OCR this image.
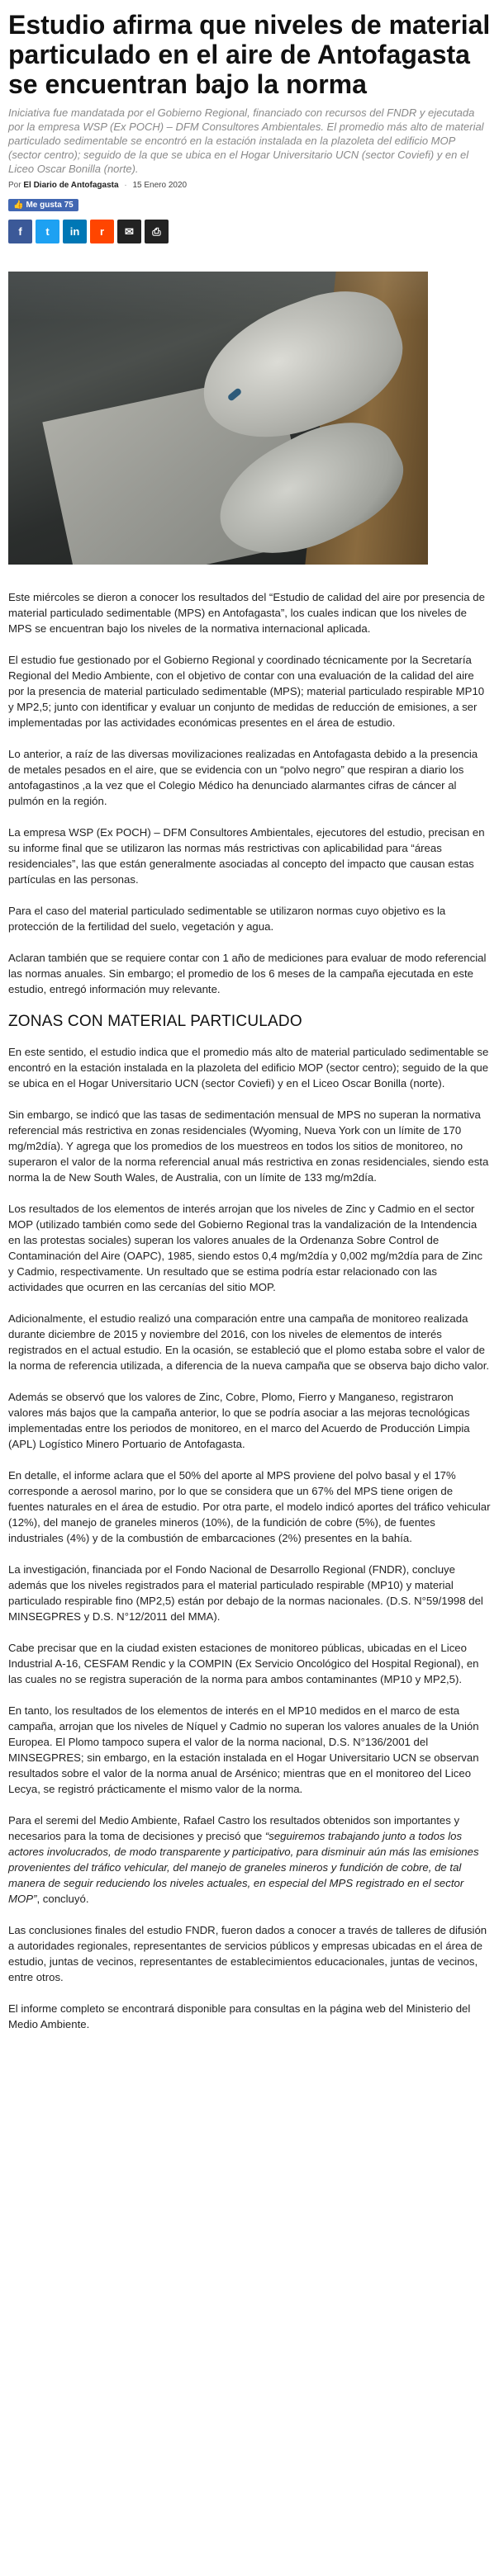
Estudio afirma que niveles de material particulado en el aire de Antofagasta se encuentran bajo la norma

Iniciativa fue mandatada por el Gobierno Regional, financiado con recursos del FNDR y ejecutada por la empresa WSP (Ex POCH) – DFM Consultores Ambientales. El promedio más alto de material particulado sedimentable se encontró en la estación instalada en la plazoleta del edificio MOP (sector centro); seguido de la que se ubica en el Hogar Universitario UCN (sector Coviefi) y en el Liceo Oscar Bonilla (norte).

Por El Diario de Antofagasta · 15 Enero 2020
👍 Me gusta 75
f t in r ✉ ⎙

Este miércoles se dieron a conocer los resultados del “Estudio de calidad del aire por presencia de material particulado sedimentable (MPS) en Antofagasta”, los cuales indican que los niveles de MPS se encuentran bajo los niveles de la normativa internacional aplicada.

El estudio fue gestionado por el Gobierno Regional y coordinado técnicamente por la Secretaría Regional del Medio Ambiente, con el objetivo de contar con una evaluación de la calidad del aire por la presencia de material particulado sedimentable (MPS); material particulado respirable MP10 y MP2,5; junto con identificar y evaluar un conjunto de medidas de reducción de emisiones, a ser implementadas por las actividades económicas presentes en el área de estudio.

Lo anterior, a raíz de las diversas movilizaciones realizadas en Antofagasta debido a la presencia de metales pesados en el aire, que se evidencia con un “polvo negro” que respiran a diario los antofagastinos ,a la vez que el Colegio Médico ha denunciado alarmantes cifras de cáncer al pulmón en la región.

La empresa WSP (Ex POCH) – DFM Consultores Ambientales, ejecutores del estudio, precisan en su informe final que se utilizaron las normas más restrictivas con aplicabilidad para “áreas residenciales”, las que están generalmente asociadas al concepto del impacto que causan estas partículas en las personas.

Para el caso del material particulado sedimentable se utilizaron normas cuyo objetivo es la protección de la fertilidad del suelo, vegetación y agua.

Aclaran también que se requiere contar con 1 año de mediciones para evaluar de modo referencial las normas anuales. Sin embargo; el promedio de los 6 meses de la campaña ejecutada en este estudio, entregó información muy relevante.

ZONAS CON MATERIAL PARTICULADO

En este sentido, el estudio indica que el promedio más alto de material particulado sedimentable se encontró en la estación instalada en la plazoleta del edificio MOP (sector centro); seguido de la que se ubica en el Hogar Universitario UCN (sector Coviefi) y en el Liceo Oscar Bonilla (norte).

Sin embargo, se indicó que las tasas de sedimentación mensual de MPS no superan la normativa referencial más restrictiva en zonas residenciales (Wyoming, Nueva York con un límite de 170 mg/m2día). Y agrega que los promedios de los muestreos en todos los sitios de monitoreo, no superaron el valor de la norma referencial anual más restrictiva en zonas residenciales, siendo esta norma la de New South Wales, de Australia, con un límite de 133 mg/m2día.

Los resultados de los elementos de interés arrojan que los niveles de Zinc y Cadmio en el sector MOP (utilizado también como sede del Gobierno Regional tras la vandalización de la Intendencia en las protestas sociales) superan los valores anuales de la Ordenanza Sobre Control de Contaminación del Aire (OAPC), 1985, siendo estos 0,4 mg/m2día y 0,002 mg/m2día para de Zinc y Cadmio, respectivamente. Un resultado que se estima podría estar relacionado con las actividades que ocurren en las cercanías del sitio MOP.

Adicionalmente, el estudio realizó una comparación entre una campaña de monitoreo realizada durante diciembre de 2015 y noviembre del 2016, con los niveles de elementos de interés registrados en el actual estudio. En la ocasión, se estableció que el plomo estaba sobre el valor de la norma de referencia utilizada, a diferencia de la nueva campaña que se observa bajo dicho valor.

Además se observó que los valores de Zinc, Cobre, Plomo, Fierro y Manganeso, registraron valores más bajos que la campaña anterior, lo que se podría asociar a las mejoras tecnológicas implementadas entre los periodos de monitoreo, en el marco del Acuerdo de Producción Limpia (APL) Logístico Minero Portuario de Antofagasta.

En detalle, el informe aclara que el 50% del aporte al MPS proviene del polvo basal y el 17% corresponde a aerosol marino, por lo que se considera que un 67% del MPS tiene origen de fuentes naturales en el área de estudio. Por otra parte, el modelo indicó aportes del tráfico vehicular (12%), del manejo de graneles mineros (10%), de la fundición de cobre (5%), de fuentes industriales (4%) y de la combustión de embarcaciones (2%) presentes en la bahía.

La investigación, financiada por el Fondo Nacional de Desarrollo Regional (FNDR), concluye además que los niveles registrados para el material particulado respirable (MP10) y material particulado respirable fino (MP2,5) están por debajo de la normas nacionales. (D.S. N°59/1998 del MINSEGPRES y D.S. N°12/2011 del MMA).

Cabe precisar que en la ciudad existen estaciones de monitoreo públicas, ubicadas en el Liceo Industrial A-16, CESFAM Rendic y la COMPIN (Ex Servicio Oncológico del Hospital Regional), en las cuales no se registra superación de la norma para ambos contaminantes (MP10 y MP2,5).

En tanto, los resultados de los elementos de interés en el MP10 medidos en el marco de esta campaña, arrojan que los niveles de Níquel y Cadmio no superan los valores anuales de la Unión Europea. El Plomo tampoco supera el valor de la norma nacional, D.S. N°136/2001 del MINSEGPRES; sin embargo, en la estación instalada en el Hogar Universitario UCN se observan resultados sobre el valor de la norma anual de Arsénico; mientras que en el monitoreo del Liceo Lecya, se registró prácticamente el mismo valor de la norma.

Para el seremi del Medio Ambiente, Rafael Castro los resultados obtenidos son importantes y necesarios para la toma de decisiones y precisó que “seguiremos trabajando junto a todos los actores involucrados, de modo transparente y participativo, para disminuir aún más las emisiones provenientes del tráfico vehicular, del manejo de graneles mineros y fundición de cobre, de tal manera de seguir reduciendo los niveles actuales, en especial del MPS registrado en el sector MOP”, concluyó.

Las conclusiones finales del estudio FNDR, fueron dados a conocer a través de talleres de difusión a autoridades regionales, representantes de servicios públicos y empresas ubicadas en el área de estudio, juntas de vecinos, representantes de establecimientos educacionales, juntas de vecinos, entre otros.

El informe completo se encontrará disponible para consultas en la página web del Ministerio del Medio Ambiente.
